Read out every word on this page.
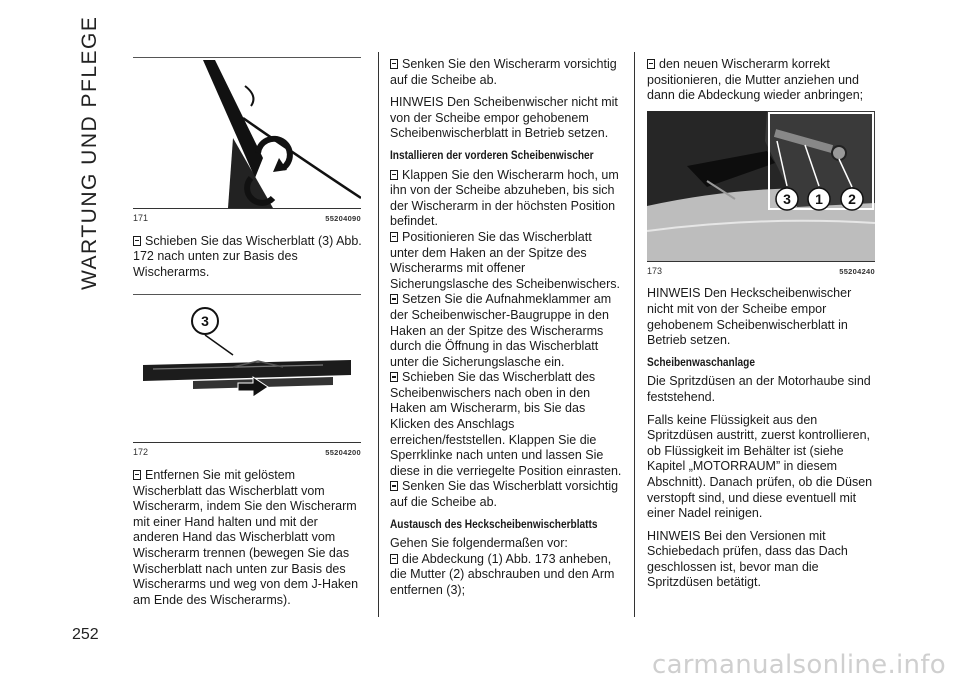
WARTUNG UND PFLEGE	171	55204090

Schieben Sie das Wischerblatt (3) Abb. 172 nach unten zur Basis des Wischerarms.

3
172	55204200

Entfernen Sie mit gelöstem Wischerblatt das Wischerblatt vom Wischerarm, indem Sie den Wischerarm mit einer Hand halten und mit der anderen Hand das Wischerblatt vom Wischerarm trennen (bewegen Sie das Wischerblatt nach unten zur Basis des Wischerarms und weg von dem J-Haken am Ende des Wischerarms).

Senken Sie den Wischerarm vorsichtig auf die Scheibe ab.

HINWEIS Den Scheibenwischer nicht mit von der Scheibe empor gehobenem Scheibenwischerblatt in Betrieb setzen.

Installieren der vorderen Scheibenwischer

Klappen Sie den Wischerarm hoch, um ihn von der Scheibe abzuheben, bis sich der Wischerarm in der höchsten Position befindet.

Positionieren Sie das Wischerblatt unter dem Haken an der Spitze des Wischerarms mit offener Sicherungslasche des Scheibenwischers.

Setzen Sie die Aufnahmeklammer am der Scheibenwischer-Baugruppe in den Haken an der Spitze des Wischerarms durch die Öffnung in das Wischerblatt unter die Sicherungslasche ein.

Schieben Sie das Wischerblatt des Scheibenwischers nach oben in den Haken am Wischerarm, bis Sie das Klicken des Anschlags erreichen/feststellen. Klappen Sie die Sperrklinke nach unten und lassen Sie diese in die verriegelte Position einrasten.

Senken Sie das Wischerblatt vorsichtig auf die Scheibe ab.

Austausch des Heckscheibenwischerblatts

Gehen Sie folgendermaßen vor:

die Abdeckung (1) Abb. 173 anheben, die Mutter (2) abschrauben und den Arm entfernen (3);

den neuen Wischerarm korrekt positionieren, die Mutter anziehen und dann die Abdeckung wieder anbringen;

3 1 2
173	55204240

HINWEIS Den Heckscheibenwischer nicht mit von der Scheibe empor gehobenem Scheibenwischerblatt in Betrieb setzen.

Scheibenwaschanlage

Die Spritzdüsen an der Motorhaube sind feststehend.

Falls keine Flüssigkeit aus den Spritzdüsen austritt, zuerst kontrollieren, ob Flüssigkeit im Behälter ist (siehe Kapitel „MOTORRAUM” in diesem Abschnitt). Danach prüfen, ob die Düsen verstopft sind, und diese eventuell mit einer Nadel reinigen.

HINWEIS Bei den Versionen mit Schiebedach prüfen, dass das Dach geschlossen ist, bevor man die Spritzdüsen betätigt.

252
carmanualsonline.info
